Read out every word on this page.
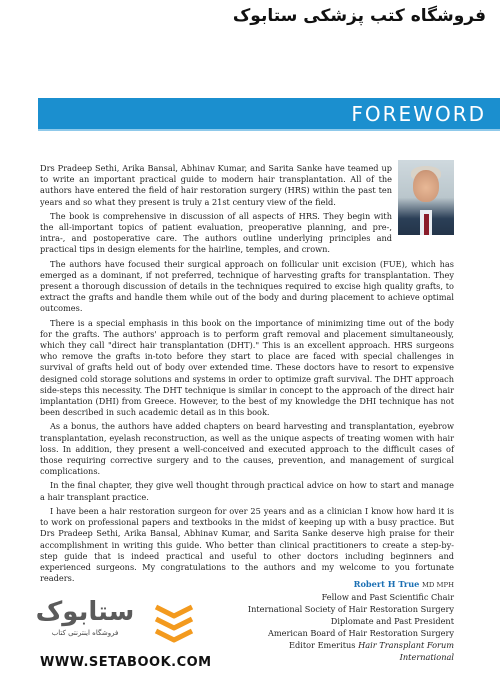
فروشگاه کتب پزشکی ستابوک
FOREWORD

Drs Pradeep Sethi, Arika Bansal, Abhinav Kumar, and Sarita Sanke have teamed up to write an important practical guide to modern hair transplantation. All of the authors have entered the field of hair restoration surgery (HRS) within the past ten years and so what they present is truly a 21st century view of the field.

The book is comprehensive in discussion of all aspects of HRS. They begin with the all-important topics of patient evaluation, preoperative planning, and pre-, intra-, and postoperative care. The authors outline underlying principles and practical tips in design elements for the hairline, temples, and crown.

The authors have focused their surgical approach on follicular unit excision (FUE), which has emerged as a dominant, if not preferred, technique of harvesting grafts for transplantation. They present a thorough discussion of details in the techniques required to excise high quality grafts, to extract the grafts and handle them while out of the body and during placement to achieve optimal outcomes.

There is a special emphasis in this book on the importance of minimizing time out of the body for the grafts. The authors' approach is to perform graft removal and placement simultaneously, which they call "direct hair transplantation (DHT)." This is an excellent approach. HRS surgeons who remove the grafts in-toto before they start to place are faced with special challenges in survival of grafts held out of body over extended time. These doctors have to resort to expensive designed cold storage solutions and systems in order to optimize graft survival. The DHT approach side-steps this necessity. The DHT technique is similar in concept to the approach of the direct hair implantation (DHI) from Greece. However, to the best of my knowledge the DHI technique has not been described in such academic detail as in this book.

As a bonus, the authors have added chapters on beard harvesting and transplantation, eyebrow transplantation, eyelash reconstruction, as well as the unique aspects of treating women with hair loss. In addition, they present a well-conceived and executed approach to the difficult cases of those requiring corrective surgery and to the causes, prevention, and management of surgical complications.

In the final chapter, they give well thought through practical advice on how to start and manage a hair transplant practice.

I have been a hair restoration surgeon for over 25 years and as a clinician I know how hard it is to work on professional papers and textbooks in the midst of keeping up with a busy practice. But Drs Pradeep Sethi, Arika Bansal, Abhinav Kumar, and Sarita Sanke deserve high praise for their accomplishment in writing this guide. Who better than clinical practitioners to create a step-by-step guide that is indeed practical and useful to other doctors including beginners and experienced surgeons. My congratulations to the authors and my welcome to you fortunate readers.

Robert H True MD MPH
Fellow and Past Scientific Chair
International Society of Hair Restoration Surgery
Diplomate and Past President
American Board of Hair Restoration Surgery
Editor Emeritus Hair Transplant Forum International
ستابوک
فروشگاه اینترنتی کتاب
WWW.SETABOOK.COM
